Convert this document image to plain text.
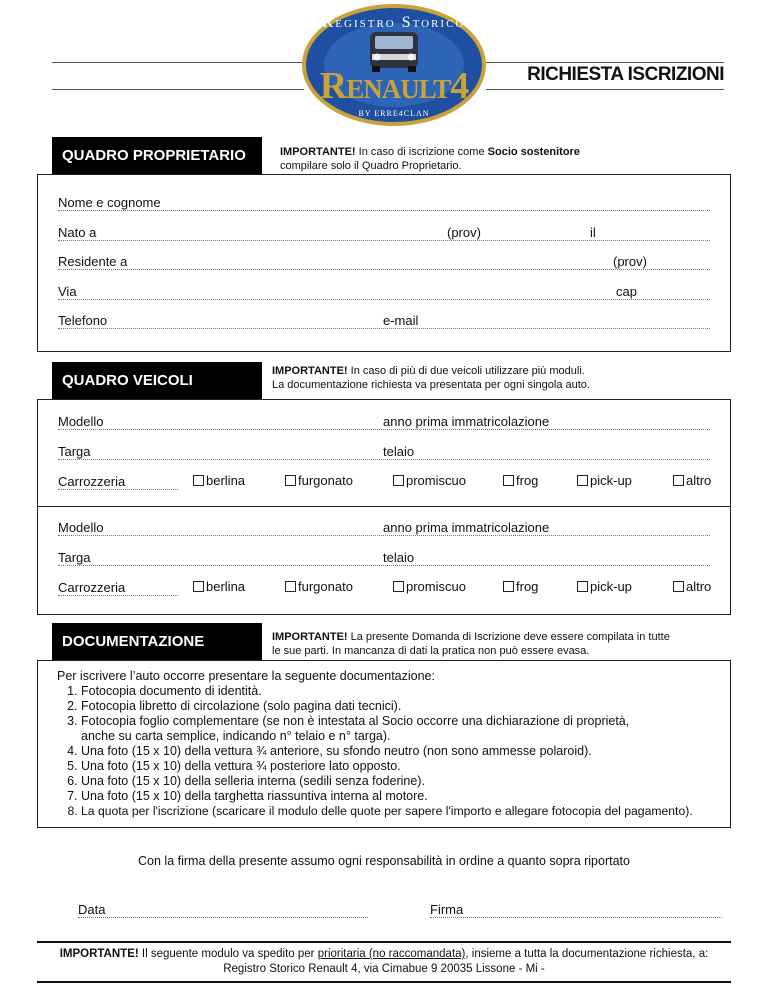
Registro Storico
Renault4
BY ERRE4CLAN
RICHIESTA ISCRIZIONI
QUADRO PROPRIETARIO	IMPORTANTE! In caso di iscrizione come Socio sostenitore
compilare solo il Quadro Proprietario.
Nome e cognome
Nato a	(prov)	il
Residente a	(prov)
Via	cap
Telefono	e-mail
QUADRO VEICOLI
IMPORTANTE! In caso di più di due veicoli utilizzare più moduli.
La documentazione richiesta va presentata per ogni singola auto.
Modello	anno prima immatricolazione
Targa	telaio
Carrozzeria	berlina	furgonato	promiscuo	frog	pick-up	altro
Modello	anno prima immatricolazione
Targa	telaio
Carrozzeria	berlina	furgonato	promiscuo	frog	pick-up	altro
DOCUMENTAZIONE	IMPORTANTE! La presente Domanda di Iscrizione deve essere compilata in tutte
le sue parti. In mancanza di dati la pratica non può essere evasa.
Per iscrivere l’auto occorre presentare la seguente documentazione:
1. Fotocopia documento di identità.
2. Fotocopia libretto di circolazione (solo pagina dati tecnici).
3. Fotocopia foglio complementare (se non è intestata al Socio occorre una dichiarazione di proprietà, anche su carta semplice, indicando n° telaio e n° targa).
4. Una foto (15 x 10) della vettura ¾ anteriore, su sfondo neutro (non sono ammesse polaroid).
5. Una foto (15 x 10) della vettura ¾ posteriore lato opposto.
6. Una foto (15 x 10) della selleria interna (sedili senza foderine).
7. Una foto (15 x 10) della targhetta riassuntiva interna al motore.
8. La quota per l'iscrizione (scaricare il modulo delle quote per sapere l'importo e allegare fotocopia del pagamento).
Con la firma della presente assumo ogni responsabilità in ordine a quanto sopra riportato
Data	Firma
IMPORTANTE! Il seguente modulo va spedito per prioritaria (no raccomandata), insieme a tutta la documentazione richiesta, a:
Registro Storico Renault 4, via Cimabue 9 20035 Lissone - Mi -
